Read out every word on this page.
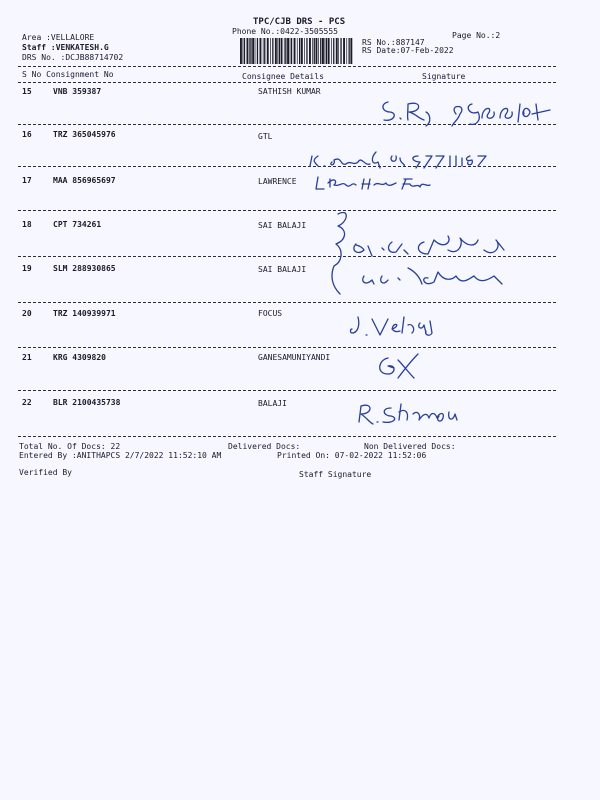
TPC/CJB DRS - PCS
Phone No.:0422-3505555
Area :VELLALORE
Staff :VENKATESH.G
DRS No. :DCJB88714702
Page No.:2
RS No.:887147
RS Date:07-Feb-2022
S No Consignment No	Consignee Details	Signature
15	VNB 359387	SATHISH KUMAR
16	TRZ 365045976	GTL
17	MAA 856965697	LAWRENCE
18	CPT 734261	SAI BALAJI
19	SLM 288930865	SAI BALAJI
20	TRZ 140939971	FOCUS
21	KRG 4309820	GANESAMUNIYANDI
22	BLR 2100435738	BALAJI
Total No. Of Docs: 22	Delivered Docs:	Non Delivered Docs:
Entered By :ANITHAPCS 2/7/2022 11:52:10 AM	Printed On: 07-02-2022 11:52:06
Verified By	Staff Signature
